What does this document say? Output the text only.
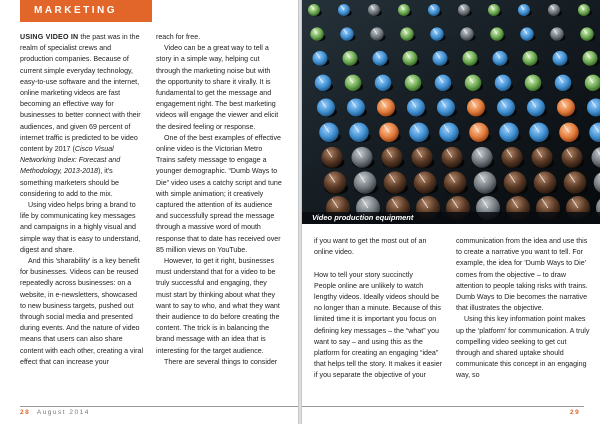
MARKETING

USING VIDEO IN the past was in the realm of specialist crews and production companies. Because of current simple everyday technology, easy-to-use software and the internet, online marketing videos are fast becoming an effective way for businesses to better connect with their audiences, and given 69 percent of internet traffic is predicted to be video content by 2017 (Cisco Visual Networking Index: Forecast and Methodology, 2013-2018), it's something marketers should be considering to add to the mix.

Using video helps bring a brand to life by communicating key messages and campaigns in a highly visual and simple way that is easy to understand, digest and share.

And this 'sharability' is a key benefit for businesses. Videos can be reused repeatedly across businesses: on a website, in e-newsletters, showcased to new business targets, pushed out through social media and presented during events. And the nature of video means that users can also share content with each other, creating a viral effect that can increase your

reach for free.

Video can be a great way to tell a story in a simple way, helping cut through the marketing noise but with the opportunity to share it virally. It is fundamental to get the message and engagement right. The best marketing videos will engage the viewer and elicit the desired feeling or response.

One of the best examples of effective online video is the Victorian Metro Trains safety message to engage a younger demographic. “Dumb Ways to Die” video uses a catchy script and tune with simple animation; it creatively captured the attention of its audience and successfully spread the message through a massive word of mouth response that to date has received over 85 million views on YouTube.

However, to get it right, businesses must understand that for a video to be truly successful and engaging, they must start by thinking about what they want to say to who, and what they want their audience to do before creating the content. The trick is in balancing the brand message with an idea that is interesting for the target audience.

There are several things to consider

28 August 2014
Video production equipment

if you want to get the most out of an online video.

How to tell your story succinctly

People online are unlikely to watch lengthy videos. Ideally videos should be no longer than a minute. Because of this limited time it is important you focus on defining key messages – the “what” you want to say – and using this as the platform for creating an engaging “idea” that helps tell the story. It makes it easier if you separate the objective of your

communication from the idea and use this to create a narrative you want to tell. For example, the idea for ‘Dumb Ways to Die’ comes from the objective – to draw attention to people taking risks with trains. Dumb Ways to Die becomes the narrative that illustrates the objective.

Using this key information point makes up the ‘platform’ for communication. A truly compelling video seeking to get cut through and shared uptake should communicate this concept in an engaging way, so

29
